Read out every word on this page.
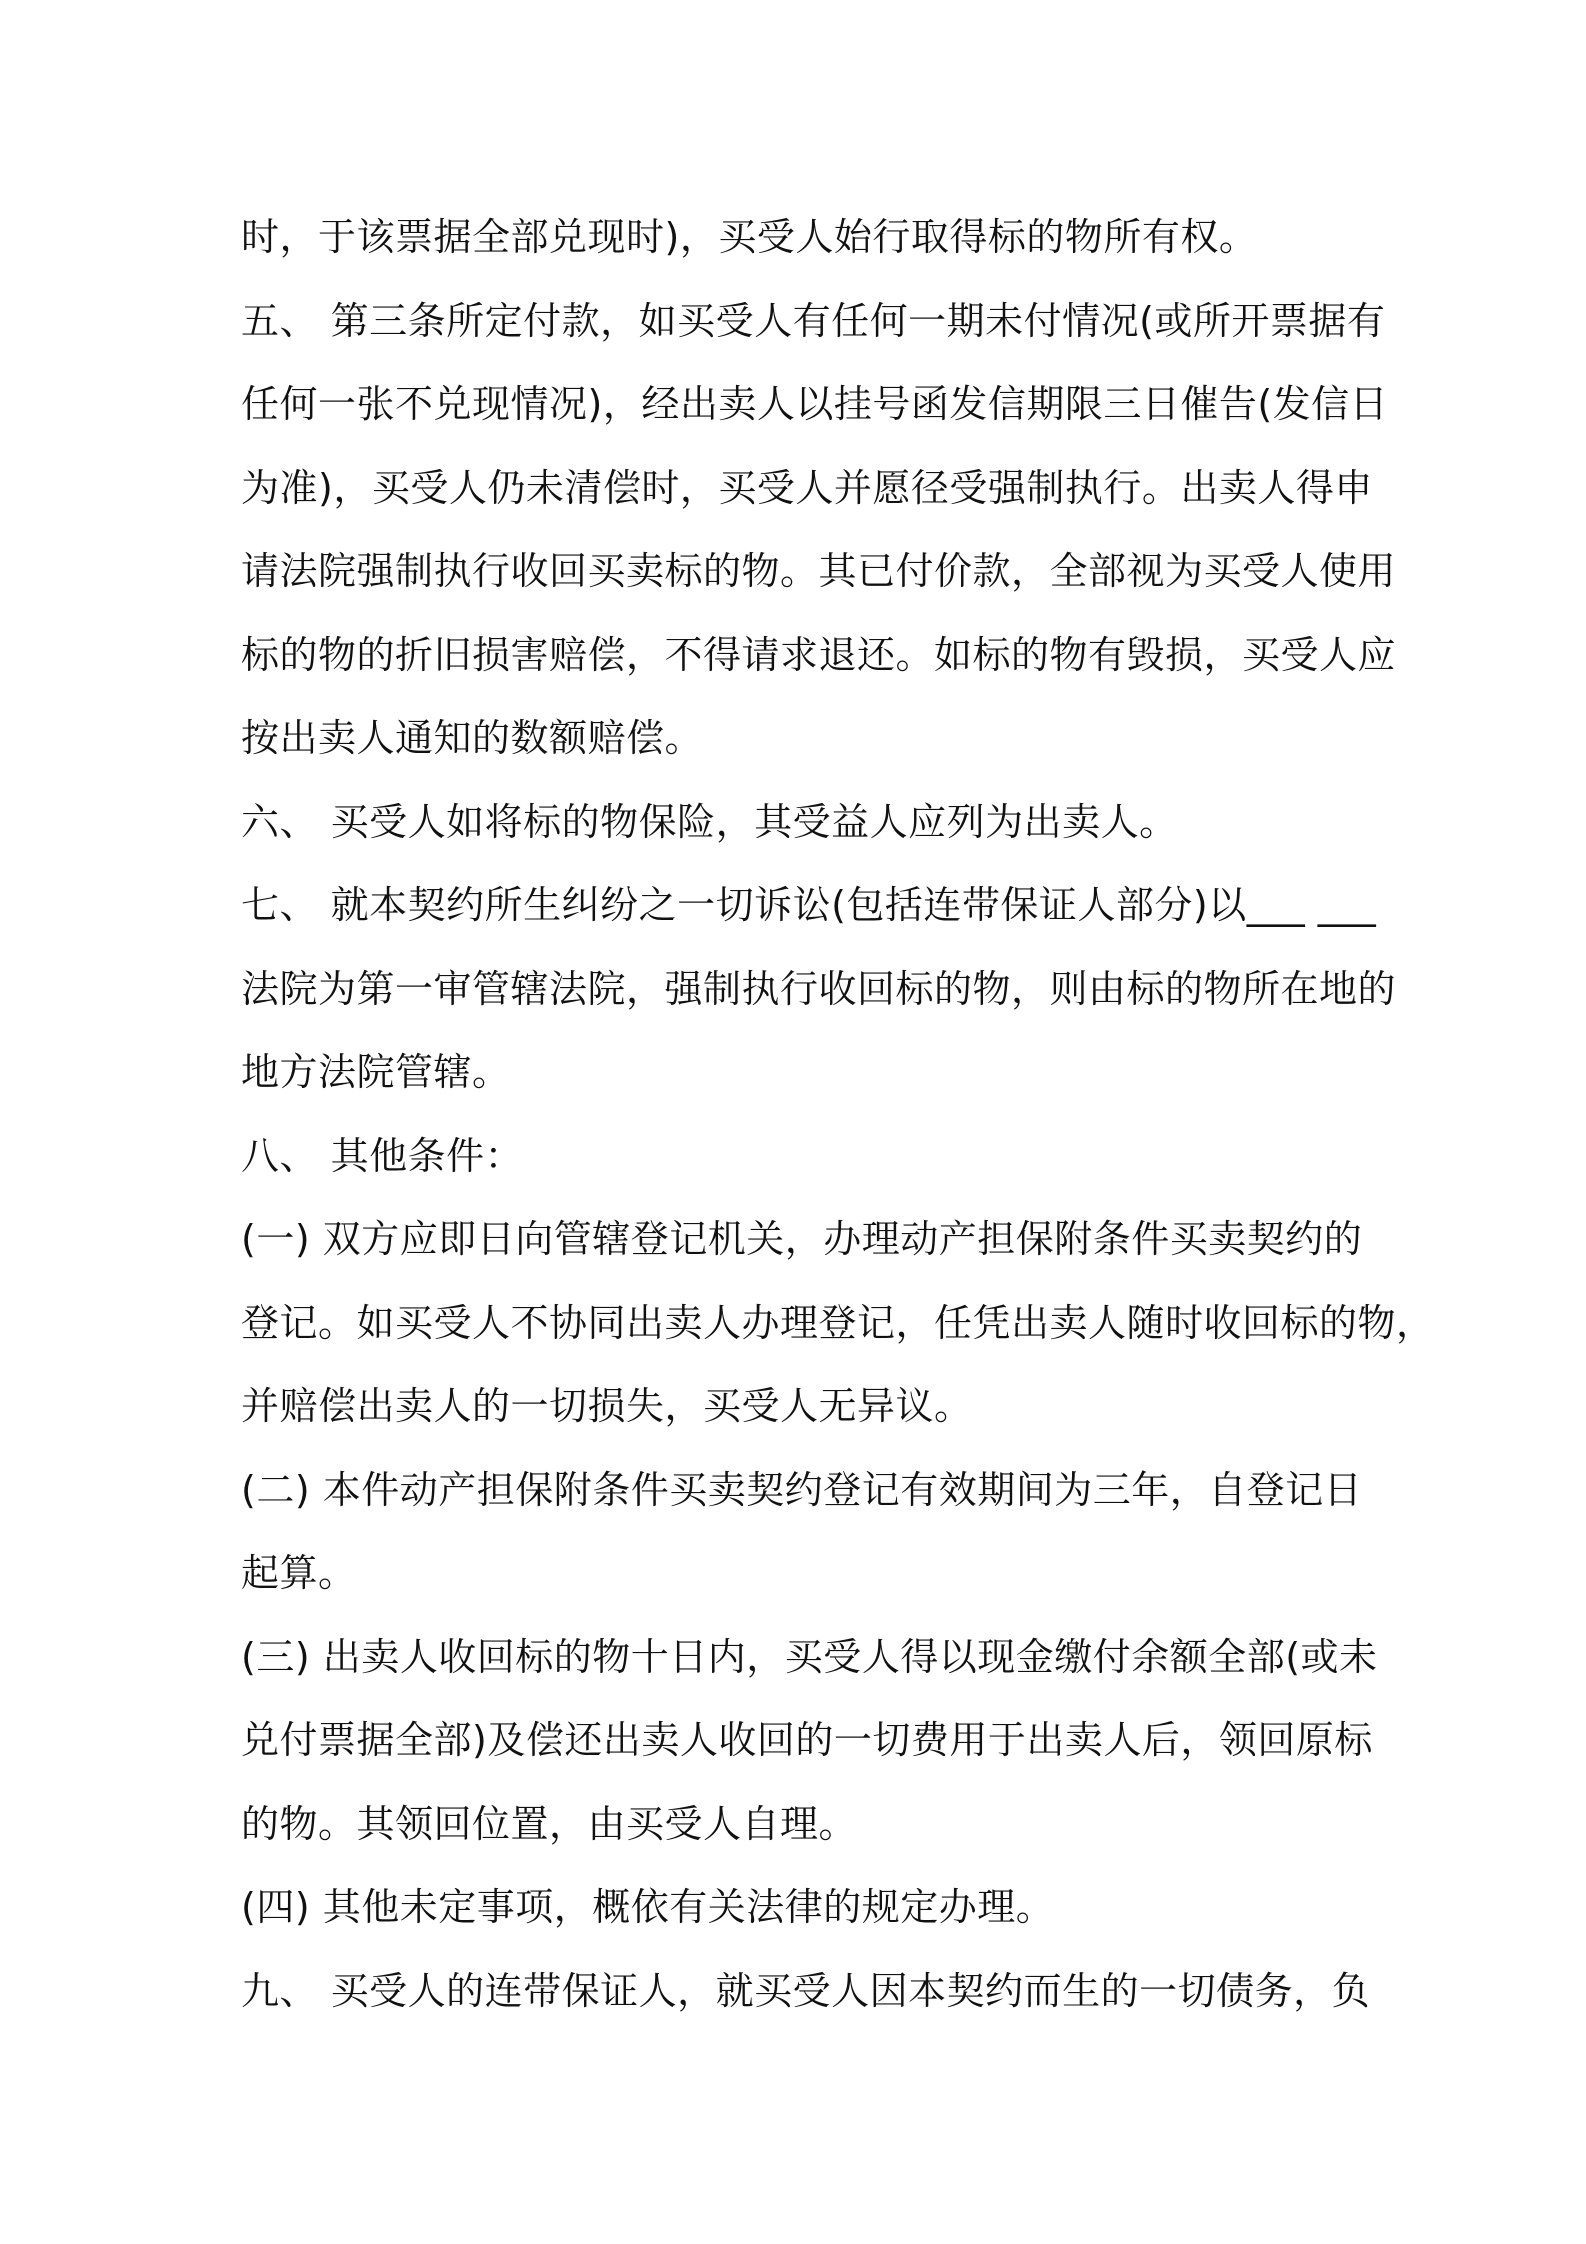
时，于该票据全部兑现时)，买受人始行取得标的物所有权。
五、 第三条所定付款，如买受人有任何一期未付情况(或所开票据有
任何一张不兑现情况)，经出卖人以挂号函发信期限三日催告(发信日
为准)，买受人仍未清偿时，买受人并愿径受强制执行。出卖人得申
请法院强制执行收回买卖标的物。其已付价款，全部视为买受人使用
标的物的折旧损害赔偿，不得请求退还。如标的物有毁损，买受人应
按出卖人通知的数额赔偿。
六、 买受人如将标的物保险，其受益人应列为出卖人。
七、 就本契约所生纠纷之一切诉讼(包括连带保证人部分)以___ ___
法院为第一审管辖法院，强制执行收回标的物，则由标的物所在地的
地方法院管辖。
八、 其他条件：
(一) 双方应即日向管辖登记机关，办理动产担保附条件买卖契约的
登记。如买受人不协同出卖人办理登记，任凭出卖人随时收回标的物，
并赔偿出卖人的一切损失，买受人无异议。
(二) 本件动产担保附条件买卖契约登记有效期间为三年，自登记日
起算。
(三) 出卖人收回标的物十日内，买受人得以现金缴付余额全部(或未
兑付票据全部)及偿还出卖人收回的一切费用于出卖人后，领回原标
的物。其领回位置，由买受人自理。
(四) 其他未定事项，概依有关法律的规定办理。
九、 买受人的连带保证人，就买受人因本契约而生的一切债务，负
